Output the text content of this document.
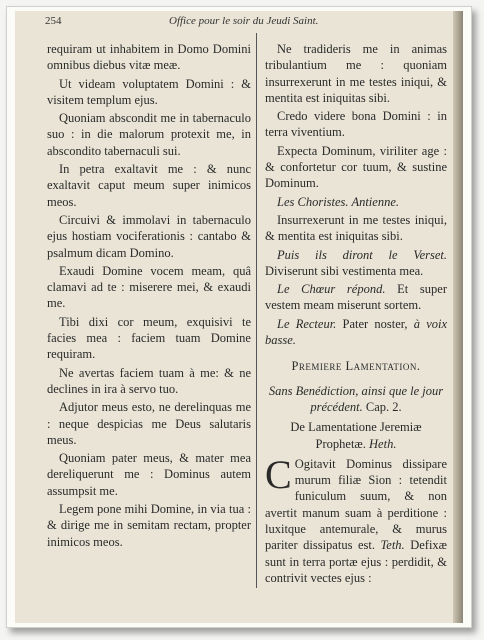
254	Office pour le soir du Jeudi Saint.

requiram ut inhabitem in Domo Domini omnibus diebus vitæ meæ.

Ut videam voluptatem Domini : & visitem templum ejus.

Quoniam abscondit me in tabernaculo suo : in die malorum protexit me, in abscondito tabernaculi sui.

In petra exaltavit me : & nunc exaltavit caput meum super inimicos meos.

Circuivi & immolavi in tabernaculo ejus hostiam vociferationis : cantabo & psalmum dicam Domino.

Exaudi Domine vocem meam, quâ clamavi ad te : miserere mei, & exaudi me.

Tibi dixi cor meum, exquisivi te facies mea : faciem tuam Domine requiram.

Ne avertas faciem tuam à me: & ne declines in ira à servo tuo.

Adjutor meus esto, ne derelinquas me : neque despicias me Deus salutaris meus.

Quoniam pater meus, & mater mea dereliquerunt me : Dominus autem assumpsit me.

Legem pone mihi Domine, in via tua : & dirige me in semitam rectam, propter inimicos meos.

Ne tradideris me in animas tribulantium me : quoniam insurrexerunt in me testes iniqui, & mentita est iniquitas sibi.

Credo videre bona Domini : in terra viventium.

Expecta Dominum, viriliter age : & confortetur cor tuum, & sustine Dominum.

Les Choristes. Antienne.

Insurrexerunt in me testes iniqui, & mentita est iniquitas sibi.

Puis ils diront le Verset. Diviserunt sibi vestimenta mea.

Le Chœur répond. Et super vestem meam miserunt sortem.

Le Recteur. Pater noster, à voix basse.

Premiere Lamentation.

Sans Benédiction, ainsi que le jour précédent. Cap. 2.

De Lamentatione Jeremiæ Prophetæ. Heth.

C Ogitavit Dominus dissipare murum filiæ Sion : tetendit funiculum suum, & non avertit manum suam à perditione : luxitque antemurale, & murus pariter dissipatus est. Teth. Defixæ sunt in terra portæ ejus : perdidit, & contrivit vectes ejus :
